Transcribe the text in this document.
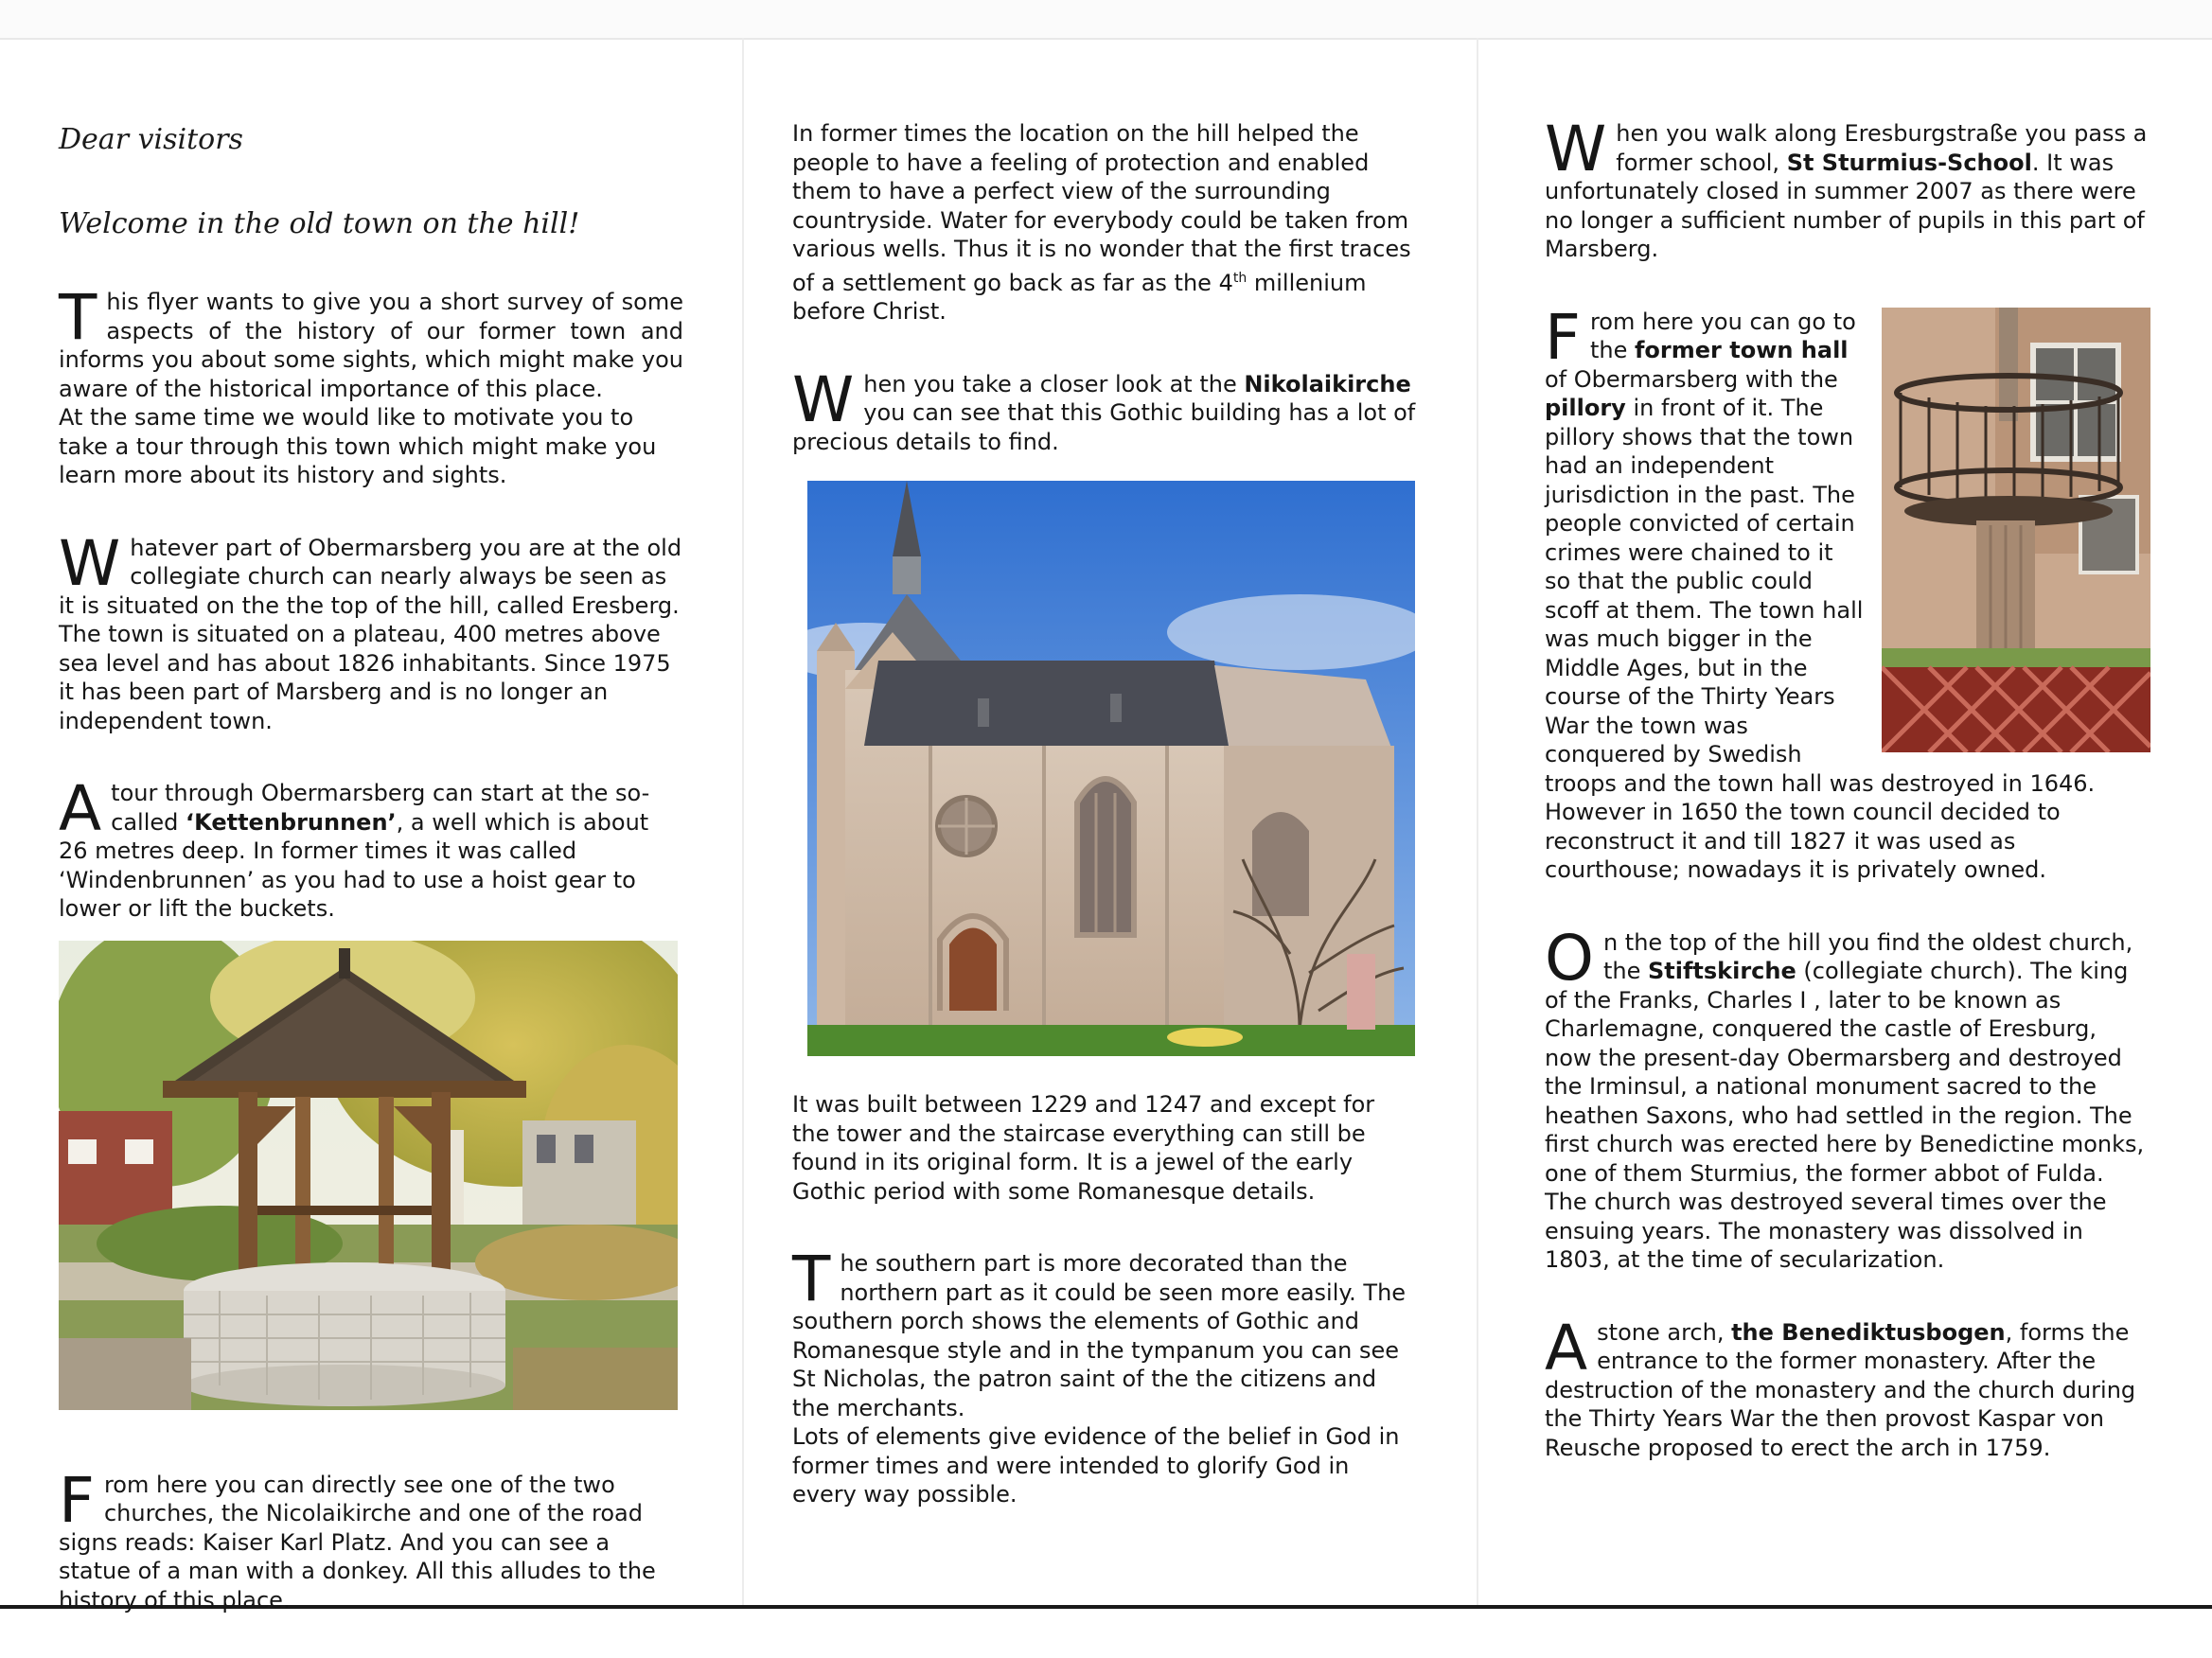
Dear visitors

Welcome in the old town on the hill!

This flyer wants to give you a short survey of some aspects of the history of our former town and informs you about some sights, which might make you aware of the historical importance of this place.

At the same time we would like to motivate you to take a tour through this town which might make you learn more about its history and sights.

Whatever part of Obermarsberg you are at the old collegiate church can nearly always be seen as it is situated on the the top of the hill, called Eresberg. The town is situated on a plateau, 400 metres above sea level and has about 1826 inhabitants. Since 1975 it has been part of Marsberg and is no longer an independent town.

A tour through Obermarsberg can start at the so-called ‘Kettenbrunnen’, a well which is about 26 metres deep. In former times it was called ‘Windenbrunnen’ as you had to use a hoist gear to lower or lift the buckets.

From here you can directly see one of the two churches, the Nicolaikirche and one of the road signs reads: Kaiser Karl Platz. And you can see a statue of a man with a donkey. All this alludes to the history of this place.

In former times the location on the hill helped the people to have a feeling of protection and enabled them to have a perfect view of the surrounding countryside. Water for everybody could be taken from various wells. Thus it is no wonder that the first traces of a settlement go back as far as the 4th millenium before Christ.

When you take a closer look at the Nikolaikirche you can see that this Gothic building has a lot of precious details to find.

It was built between 1229 and 1247 and except for the tower and the staircase everything can still be found in its original form. It is a jewel of the early Gothic period with some Romanesque details.

The southern part is more decorated than the northern part as it could be seen more easily. The southern porch shows the elements of Gothic and Romanesque style and in the tympanum you can see St Nicholas, the patron saint of the the citizens and the merchants.

Lots of elements give evidence of the belief in God in former times and were intended to glorify God in every way possible.

When you walk along Eresburgstraße you pass a former school, St Sturmius-School. It was unfortunately closed in summer 2007 as there were no longer a sufficient number of pupils in this part of Marsberg.

F rom here you can go to the former town hall of Obermarsberg with the pillory in front of it. The pillory shows that the town had an independent jurisdiction in the past. The people convicted of certain crimes were chained to it so that the public could scoff at them. The town hall was much bigger in the Middle Ages, but in the course of the Thirty Years War the town was conquered by Swedish troops and the town hall was destroyed in 1646. However in 1650 the town council decided to reconstruct it and till 1827 it was used as courthouse; nowadays it is privately owned.

On the top of the hill you find the oldest church, the Stiftskirche (collegiate church). The king of the Franks, Charles I , later to be known as Charlemagne, conquered the castle of Eresburg, now the present-day Obermarsberg and destroyed the Irminsul, a national monument sacred to the heathen Saxons, who had settled in the region. The first church was erected here by Benedictine monks, one of them Sturmius, the former abbot of Fulda. The church was destroyed several times over the ensuing years. The monastery was dissolved in 1803, at the time of secularization.

A stone arch, the Benediktusbogen, forms the entrance to the former monastery. After the destruction of the monastery and the church during the Thirty Years War the then provost Kaspar von Reusche proposed to erect the arch in 1759.
